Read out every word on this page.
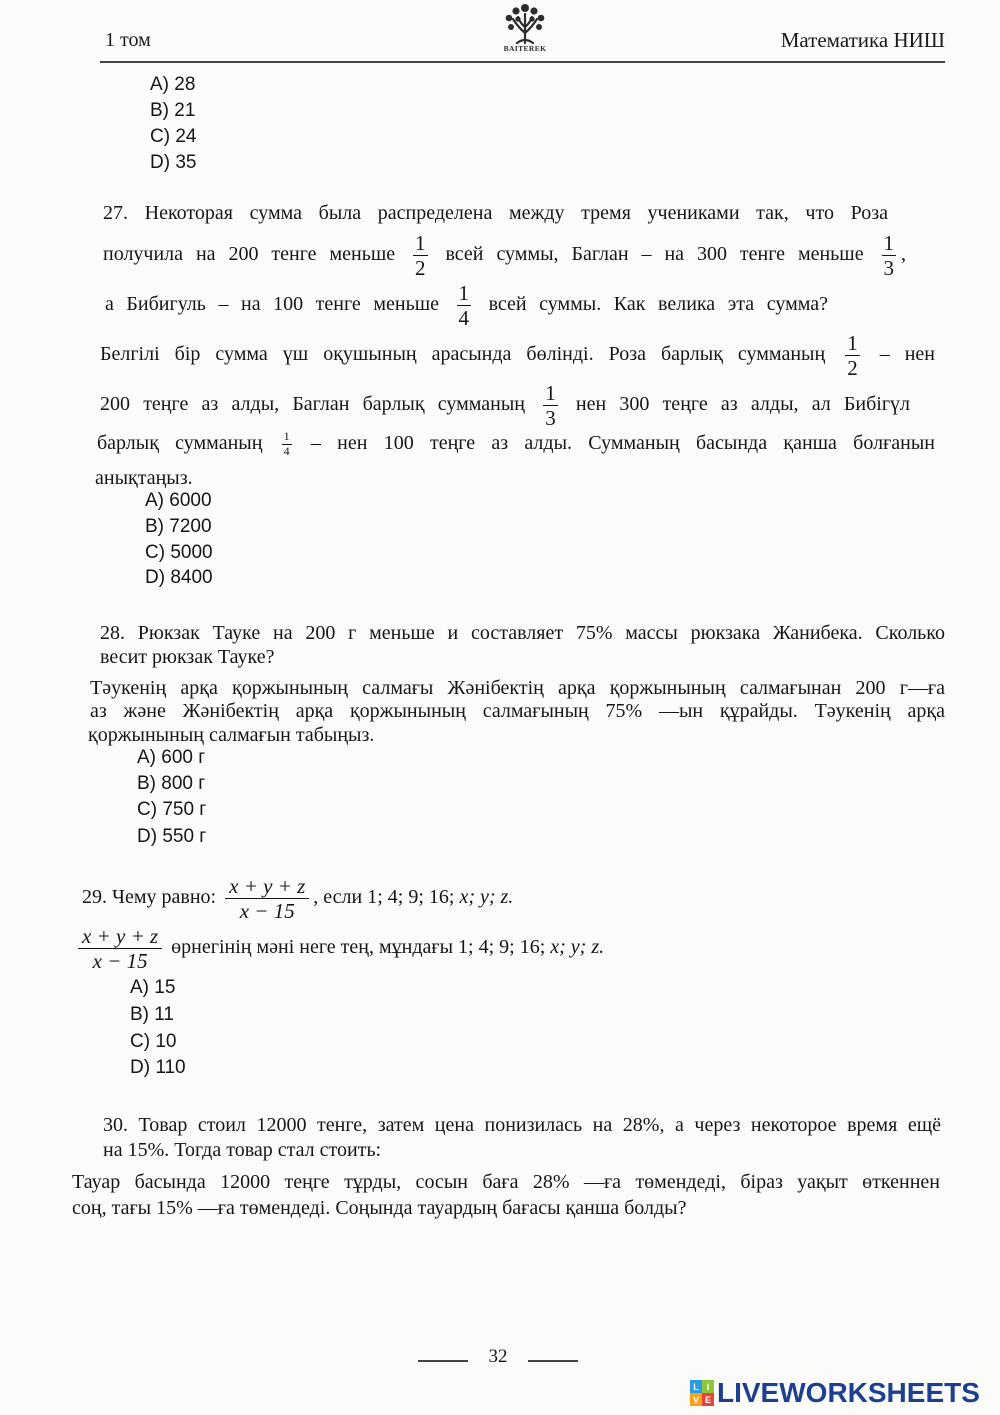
1 том	BAITEREK	Математика НИШ
A) 28
B) 21
C) 24
D) 35
27. Некоторая сумма была распределена между тремя учениками так, что Роза
получила на 200 тенге меньше $\frac{1}{2}$ всей суммы, Баглан – на 300 тенге меньше $\frac{1}{3}$ ,
а Бибигуль – на 100 тенге меньше $\frac{1}{4}$ всей суммы. Как велика эта сумма?
Белгілі бір сумма үш оқушының арасында бөлінді. Роза барлық сумманың $\frac{1}{2}$ – нен
200 теңге аз алды, Баглан барлық сумманың $\frac{1}{3}$ нен 300 теңге аз алды, ал Бибігүл
барлық сумманың $\frac{1}{4}$ – нен 100 теңге аз алды. Сумманың басында қанша болғанын
анықтаңыз.
A) 6000
B) 7200
C) 5000
D) 8400
28. Рюкзак Тауке на 200 г меньше и составляет 75% массы рюкзака Жанибека. Сколько
весит рюкзак Тауке?
Тәукенің арқа қоржынының салмағы Жәнібектің арқа қоржынының салмағынан 200 г—ға
аз және Жәнібектің арқа қоржынының салмағының 75% —ын құрайды. Тәукенің арқа
қоржынының салмағын табыңыз.
A) 600 г
B) 800 г
C) 750 г
D) 550 г
29. Чему равно: $\frac{x + y + z}{x - 15}$ , если 1; 4; 9; 16; x; y; z.
$\frac{x + y + z}{x - 15}$ өрнегінің мәні неге тең, мұндағы 1; 4; 9; 16; x; y; z.
A) 15
B) 11
C) 10
D) 110
30. Товар стоил 12000 тенге, затем цена понизилась на 28%, а через некоторое время ещё
на 15%. Тогда товар стал стоить:
Тауар басында 12000 теңге тұрды, сосын баға 28% —ға төмендеді, біраз уақыт өткеннен
соң, тағы 15% —ға төмендеді. Соңында тауардың бағасы қанша болды?
32
L I
V E LIVEWORKSHEETS
